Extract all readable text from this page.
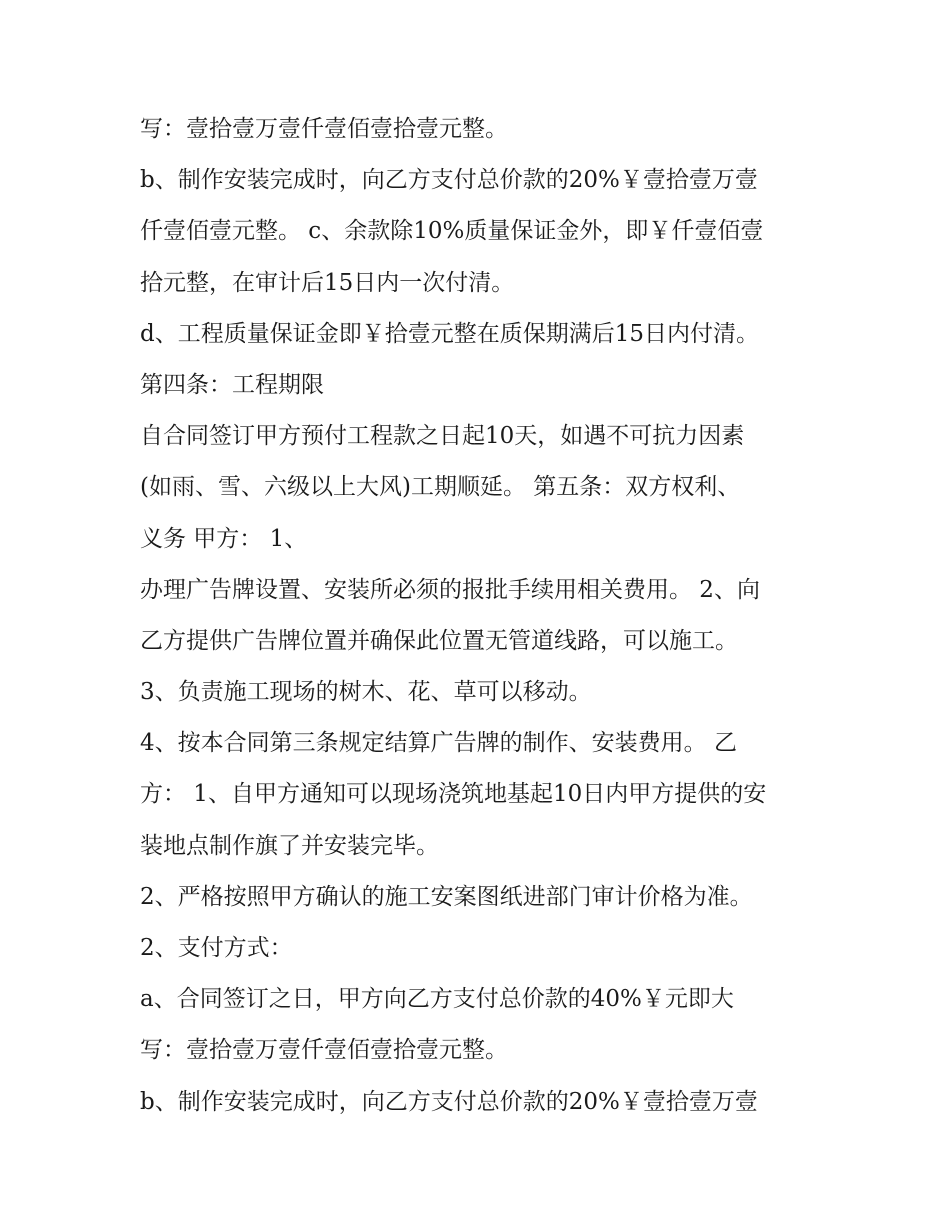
写：壹拾壹万壹仟壹佰壹拾壹元整。
b、制作安装完成时，向乙方支付总价款的20%￥壹拾壹万壹
仟壹佰壹元整。 c、余款除10%质量保证金外，即￥仟壹佰壹
拾元整，在审计后15日内一次付清。
d、工程质量保证金即￥拾壹元整在质保期满后15日内付清。
第四条：工程期限
自合同签订甲方预付工程款之日起10天，如遇不可抗力因素
(如雨、雪、六级以上大风)工期顺延。 第五条：双方权利、
义务 甲方： 1、
办理广告牌设置、安装所必须的报批手续用相关费用。 2、向
乙方提供广告牌位置并确保此位置无管道线路，可以施工。
3、负责施工现场的树木、花、草可以移动。
4、按本合同第三条规定结算广告牌的制作、安装费用。 乙
方： 1、自甲方通知可以现场浇筑地基起10日内甲方提供的安
装地点制作旗了并安装完毕。
2、严格按照甲方确认的施工安案图纸进部门审计价格为准。
2、支付方式：
a、合同签订之日，甲方向乙方支付总价款的40%￥元即大
写：壹拾壹万壹仟壹佰壹拾壹元整。
b、制作安装完成时，向乙方支付总价款的20%￥壹拾壹万壹
